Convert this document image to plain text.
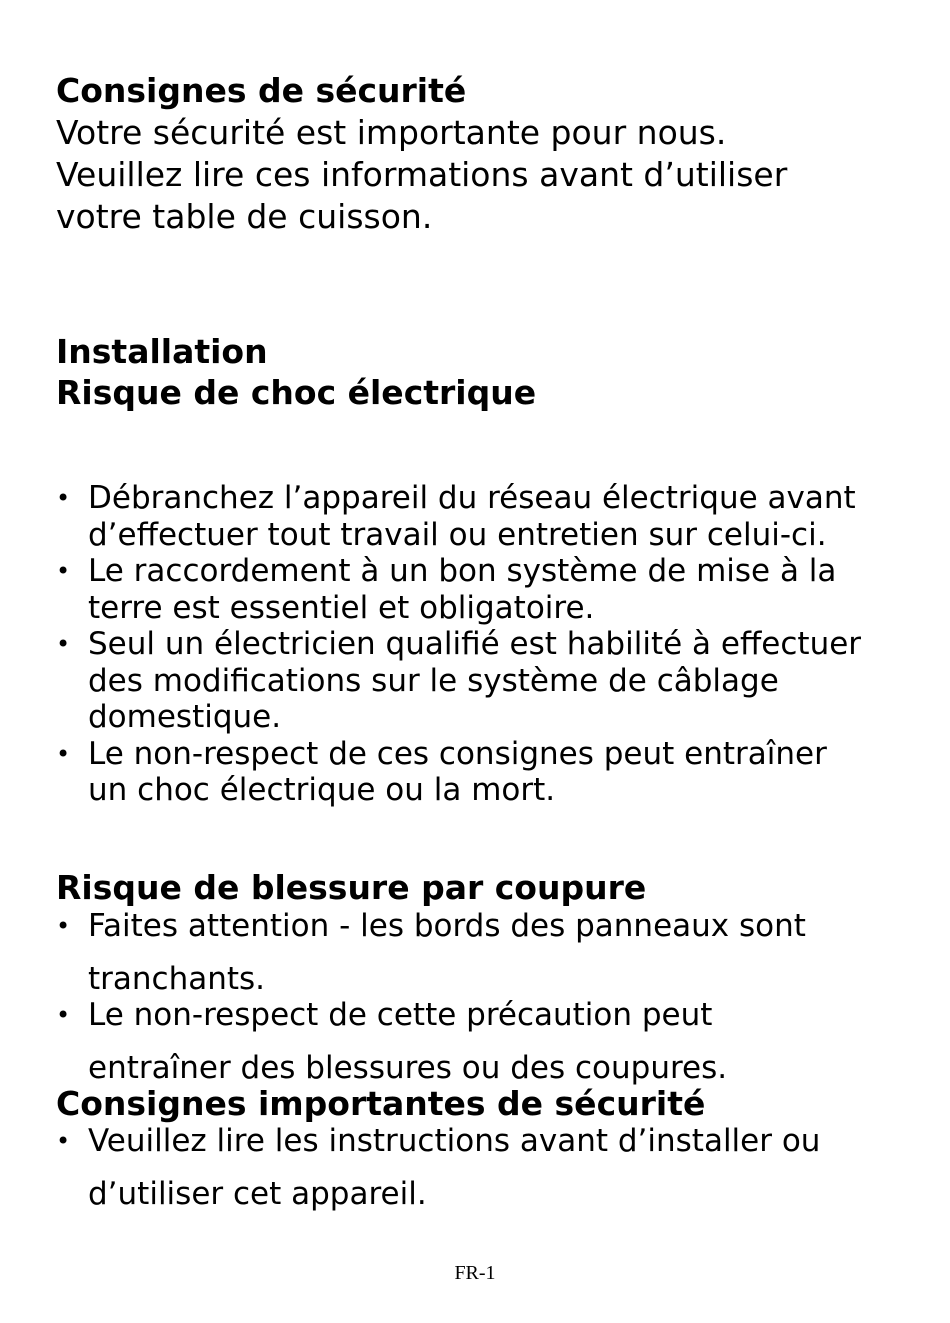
Consignes de sécurité

Votre sécurité est importante pour nous.

Veuillez lire ces informations avant d’utiliser

votre table de cuisson.

Installation
Risque de choc électrique
• Débranchez l’appareil du réseau électrique avant
d’effectuer tout travail ou entretien sur celui-ci.
• Le raccordement à un bon système de mise à la
terre est essentiel et obligatoire.
• Seul un électricien qualifié est habilité à effectuer
des modifications sur le système de câblage
domestique.
• Le non-respect de ces consignes peut entraîner
un choc électrique ou la mort.
Risque de blessure par coupure
• Faites attention - les bords des panneaux sont
tranchants.
• Le non-respect de cette précaution peut
entraîner des blessures ou des coupures.
Consignes importantes de sécurité
• Veuillez lire les instructions avant d’installer ou
d’utiliser cet appareil.
FR-1
